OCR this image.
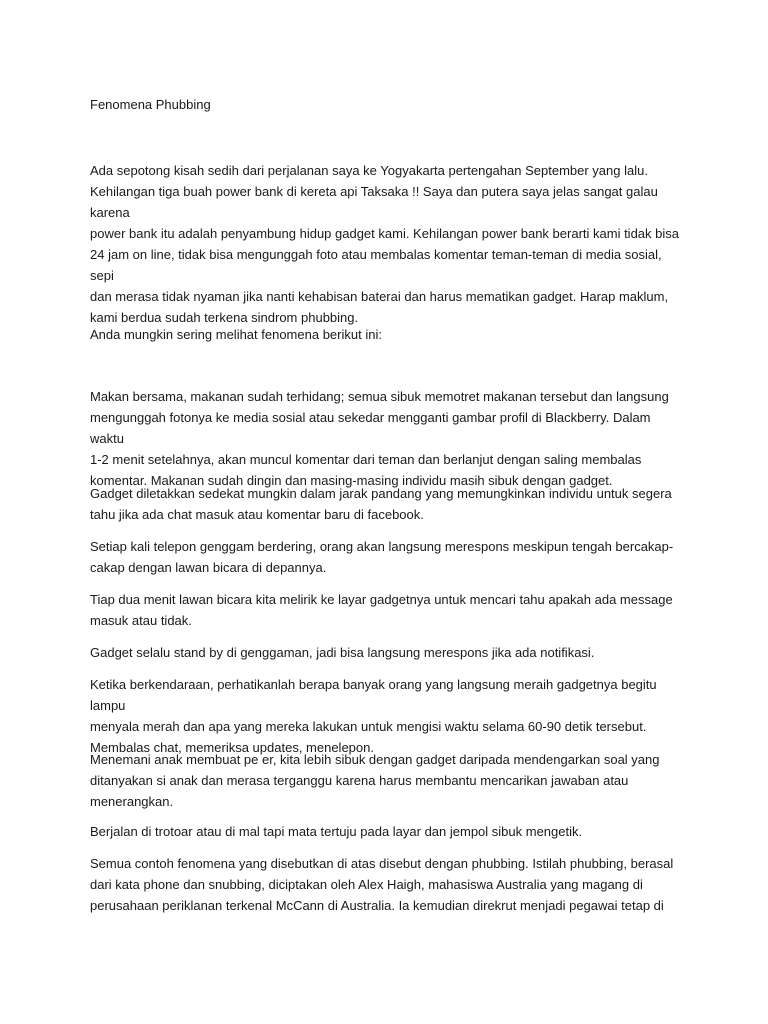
Fenomena Phubbing

Ada sepotong kisah sedih dari perjalanan saya ke Yogyakarta pertengahan September yang lalu.
Kehilangan tiga buah power bank di kereta api Taksaka !! Saya dan putera saya jelas sangat galau karena
power bank itu adalah penyambung hidup gadget kami. Kehilangan power bank berarti kami tidak bisa
24 jam on line, tidak bisa mengunggah foto atau membalas komentar teman-teman di media sosial, sepi
dan merasa tidak nyaman jika nanti kehabisan baterai dan harus mematikan gadget. Harap maklum,
kami berdua sudah terkena sindrom phubbing.

Anda mungkin sering melihat fenomena berikut ini:

Makan bersama, makanan sudah terhidang; semua sibuk memotret makanan tersebut dan langsung
mengunggah fotonya ke media sosial atau sekedar mengganti gambar profil di Blackberry. Dalam waktu
1-2 menit setelahnya, akan muncul komentar dari teman dan berlanjut dengan saling membalas
komentar. Makanan sudah dingin dan masing-masing individu masih sibuk dengan gadget.

Gadget diletakkan sedekat mungkin dalam jarak pandang yang memungkinkan individu untuk segera
tahu jika ada chat masuk atau komentar baru di facebook.

Setiap kali telepon genggam berdering, orang akan langsung merespons meskipun tengah bercakap-
cakap dengan lawan bicara di depannya.

Tiap dua menit lawan bicara kita melirik ke layar gadgetnya untuk mencari tahu apakah ada message
masuk atau tidak.

Gadget selalu stand by di genggaman, jadi bisa langsung merespons jika ada notifikasi.

Ketika berkendaraan, perhatikanlah berapa banyak orang yang langsung meraih gadgetnya begitu lampu
menyala merah dan apa yang mereka lakukan untuk mengisi waktu selama 60-90 detik tersebut.
Membalas chat, memeriksa updates, menelepon.

Menemani anak membuat pe er, kita lebih sibuk dengan gadget daripada mendengarkan soal yang
ditanyakan si anak dan merasa terganggu karena harus membantu mencarikan jawaban atau
menerangkan.

Berjalan di trotoar atau di mal tapi mata tertuju pada layar dan jempol sibuk mengetik.

Semua contoh fenomena yang disebutkan di atas disebut dengan phubbing. Istilah phubbing, berasal
dari kata phone dan snubbing, diciptakan oleh Alex Haigh, mahasiswa Australia yang magang di
perusahaan periklanan terkenal McCann di Australia. Ia kemudian direkrut menjadi pegawai tetap di
